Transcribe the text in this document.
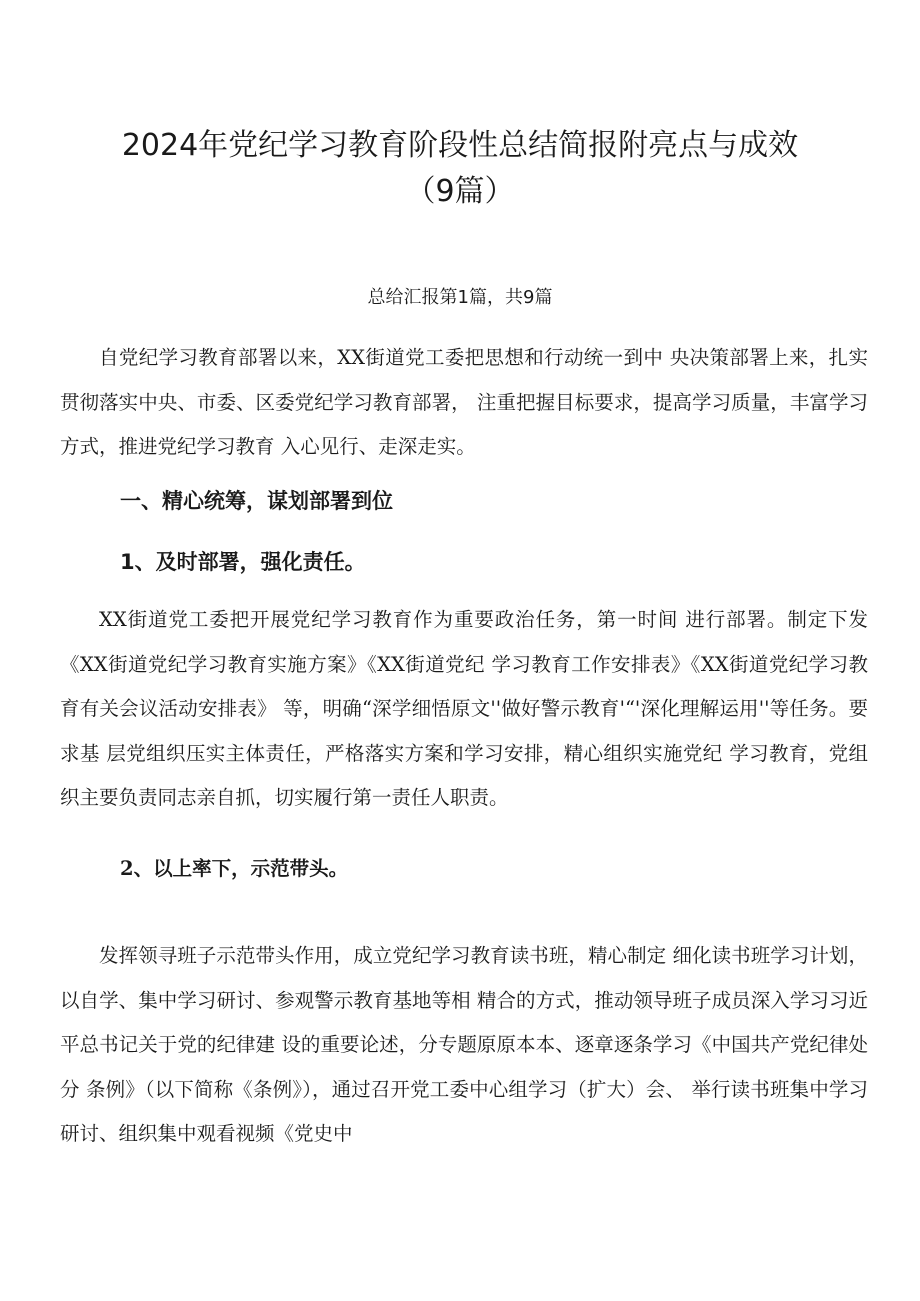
2024年党纪学习教育阶段性总结简报附亮点与成效
（9篇）
总给汇报第1篇，共9篇

自党纪学习教育部署以来，XX街道党工委把思想和行动统一到中 央决策部署上来，扎实贯彻落实中央、市委、区委党纪学习教育部署， 注重把握目标要求，提高学习质量，丰富学习方式，推进党纪学习教育 入心见行、走深走实。

一、精心统筹，谋划部署到位
1、及时部署，强化责任。

XX街道党工委把开展党纪学习教育作为重要政治任务，第一时间 进行部署。制定下发《XX街道党纪学习教育实施方案》《XX街道党纪 学习教育工作安排表》《XX街道党纪学习教育有关会议活动安排表》 等，明确“深学细悟原文''做好警示教育'“'深化理解运用''等任务。要求基 层党组织压实主体责任，严格落实方案和学习安排，精心组织实施党纪 学习教育，党组织主要负责同志亲自抓，切实履行第一责任人职责。

2、以上率下，示范带头。

发挥领寻班子示范带头作用，成立党纪学习教育读书班，精心制定 细化读书班学习计划，以自学、集中学习研讨、参观警示教育基地等相 精合的方式，推动领导班子成员深入学习习近平总书记关于党的纪律建 设的重要论述，分专题原原本本、逐章逐条学习《中国共产党纪律处分 条例》（以下简称《条例》），通过召开党工委中心组学习（扩大）会、 举行读书班集中学习研讨、组织集中观看视频《党史中
